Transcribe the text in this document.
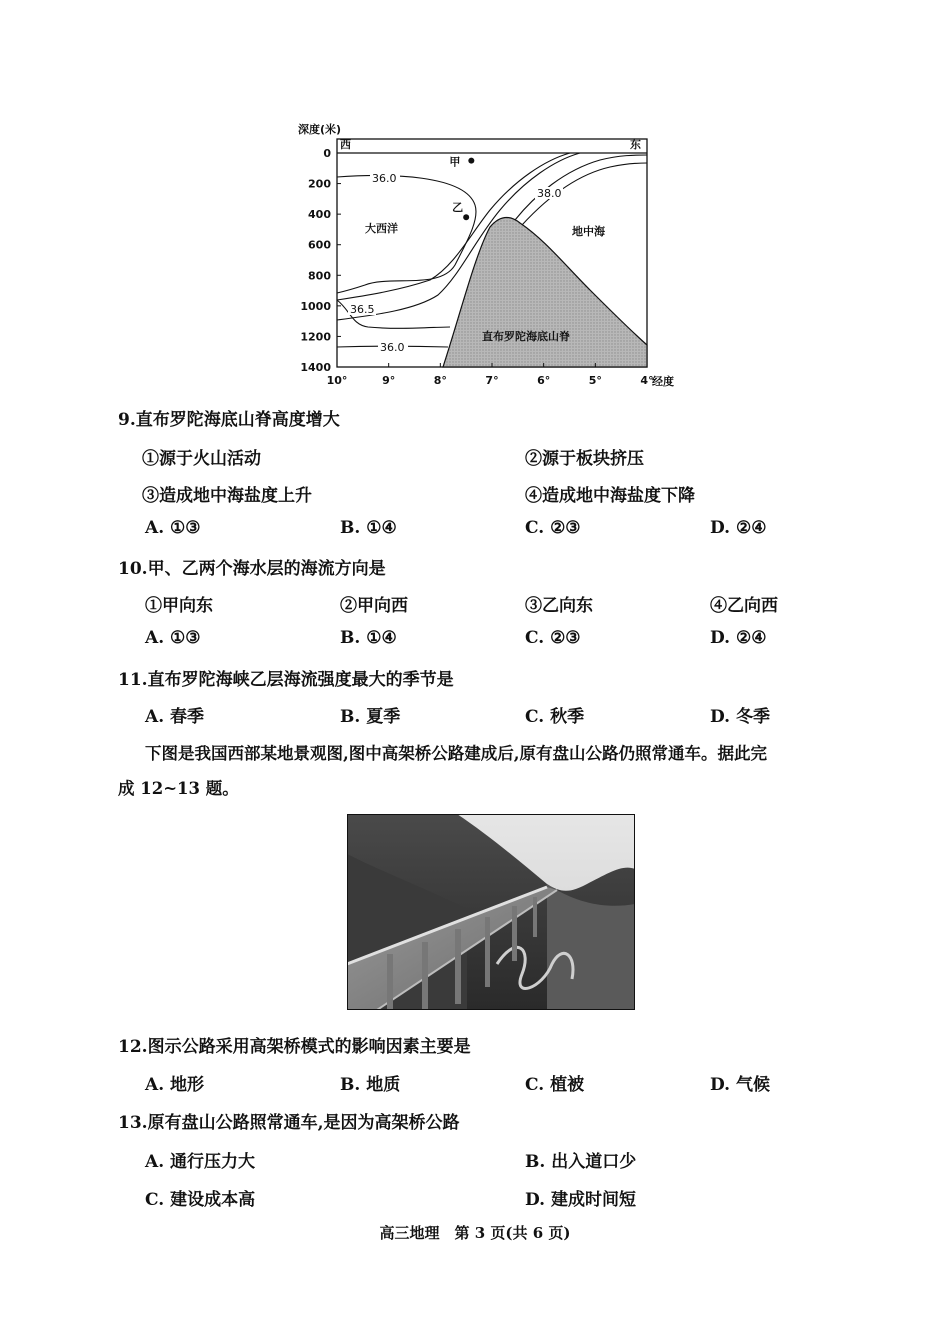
深度(米)
0
200
400
600
800
1000
1200
1400
10°	9°	8°	7°	6°	5°	4°
经度
西	东
大西洋	地中海
直布罗陀海底山脊
甲
乙
36.0
38.0
36.5
36.0
9.直布罗陀海底山脊高度增大
①源于火山活动	②源于板块挤压
③造成地中海盐度上升	④造成地中海盐度下降
A. ①③	B. ①④	C. ②③	D. ②④
10.甲、乙两个海水层的海流方向是
①甲向东	②甲向西	③乙向东	④乙向西
A. ①③	B. ①④	C. ②③	D. ②④
11.直布罗陀海峡乙层海流强度最大的季节是
A. 春季	B. 夏季	C. 秋季	D. 冬季
下图是我国西部某地景观图,图中高架桥公路建成后,原有盘山公路仍照常通车。据此完
成 12~13 题。
12.图示公路采用高架桥模式的影响因素主要是
A. 地形	B. 地质	C. 植被	D. 气候
13.原有盘山公路照常通车,是因为高架桥公路
A. 通行压力大	B. 出入道口少
C. 建设成本高	D. 建成时间短
高三地理　第 3 页(共 6 页)
